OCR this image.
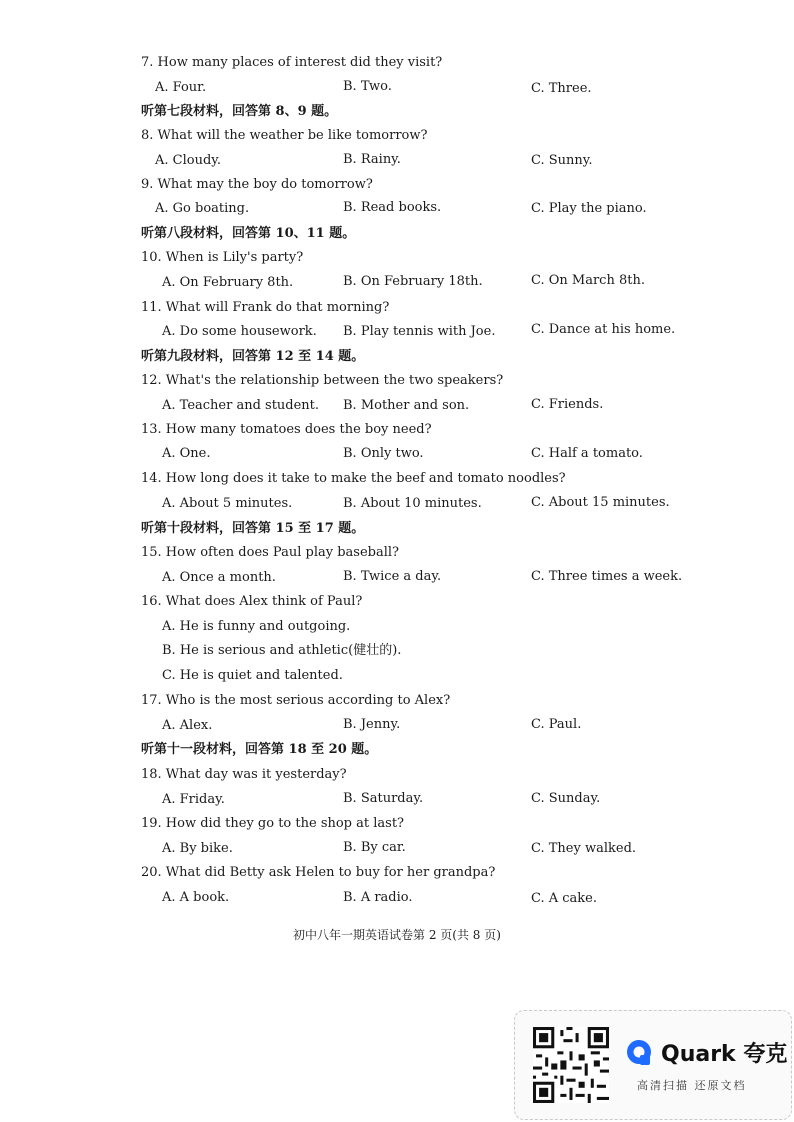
7. How many places of interest did they visit?
A. Four.	B. Two.	C. Three.
听第七段材料，回答第 8、9 题。
8. What will the weather be like tomorrow?
A. Cloudy.	B. Rainy.	C. Sunny.
9. What may the boy do tomorrow?
A. Go boating.	B. Read books.	C. Play the piano.
听第八段材料，回答第 10、11 题。
10. When is Lily's party?
A. On February 8th.	B. On February 18th.	C. On March 8th.
11. What will Frank do that morning?
A. Do some housework. B. Play tennis with Joe.	C. Dance at his home.
听第九段材料，回答第 12 至 14 题。
12. What's the relationship between the two speakers?
A. Teacher and student. B. Mother and son.	C. Friends.
13. How many tomatoes does the boy need?
A. One.	B. Only two.	C. Half a tomato.
14. How long does it take to make the beef and tomato noodles?
A. About 5 minutes.	B. About 10 minutes.	C. About 15 minutes.
听第十段材料，回答第 15 至 17 题。
15. How often does Paul play baseball?
A. Once a month.	B. Twice a day.	C. Three times a week.
16. What does Alex think of Paul?
A. He is funny and outgoing.
B. He is serious and athletic(健壮的).
C. He is quiet and talented.
17. Who is the most serious according to Alex?
A. Alex.	B. Jenny.	C. Paul.
听第十一段材料，回答第 18 至 20 题。
18. What day was it yesterday?
A. Friday.	B. Saturday.	C. Sunday.
19. How did they go to the shop at last?
A. By bike.	B. By car.	C. They walked.
20. What did Betty ask Helen to buy for her grandpa?
A. A book.	B. A radio.	C. A cake.
初中八年一期英语试卷第 2 页(共 8 页)
Quark 夸克
高清扫描 还原文档
